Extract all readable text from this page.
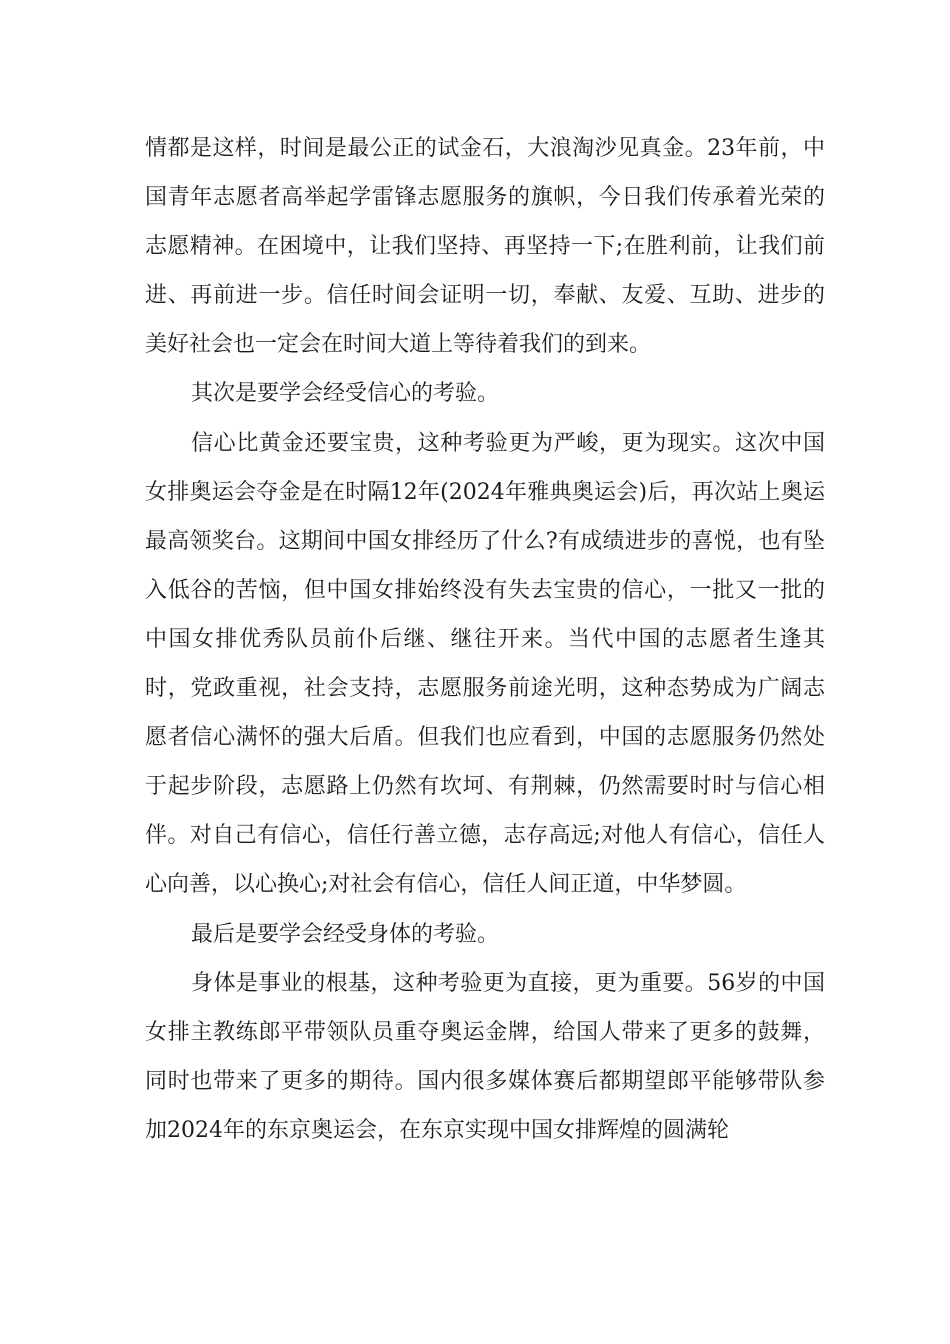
情都是这样，时间是最公正的试金石，大浪淘沙见真金。23年前，中国青年志愿者高举起学雷锋志愿服务的旗帜，今日我们传承着光荣的志愿精神。在困境中，让我们坚持、再坚持一下;在胜利前，让我们前进、再前进一步。信任时间会证明一切，奉献、友爱、互助、进步的美好社会也一定会在时间大道上等待着我们的到来。

其次是要学会经受信心的考验。

信心比黄金还要宝贵，这种考验更为严峻，更为现实。这次中国女排奥运会夺金是在时隔12年(2024年雅典奥运会)后，再次站上奥运最高领奖台。这期间中国女排经历了什么?有成绩进步的喜悦，也有坠入低谷的苦恼，但中国女排始终没有失去宝贵的信心，一批又一批的中国女排优秀队员前仆后继、继往开来。当代中国的志愿者生逢其时，党政重视，社会支持，志愿服务前途光明，这种态势成为广阔志愿者信心满怀的强大后盾。但我们也应看到，中国的志愿服务仍然处于起步阶段，志愿路上仍然有坎坷、有荆棘，仍然需要时时与信心相伴。对自己有信心，信任行善立德，志存高远;对他人有信心，信任人心向善，以心换心;对社会有信心，信任人间正道，中华梦圆。

最后是要学会经受身体的考验。

身体是事业的根基，这种考验更为直接，更为重要。56岁的中国女排主教练郎平带领队员重夺奥运金牌，给国人带来了更多的鼓舞，同时也带来了更多的期待。国内很多媒体赛后都期望郎平能够带队参加2024年的东京奥运会，在东京实现中国女排辉煌的圆满轮
